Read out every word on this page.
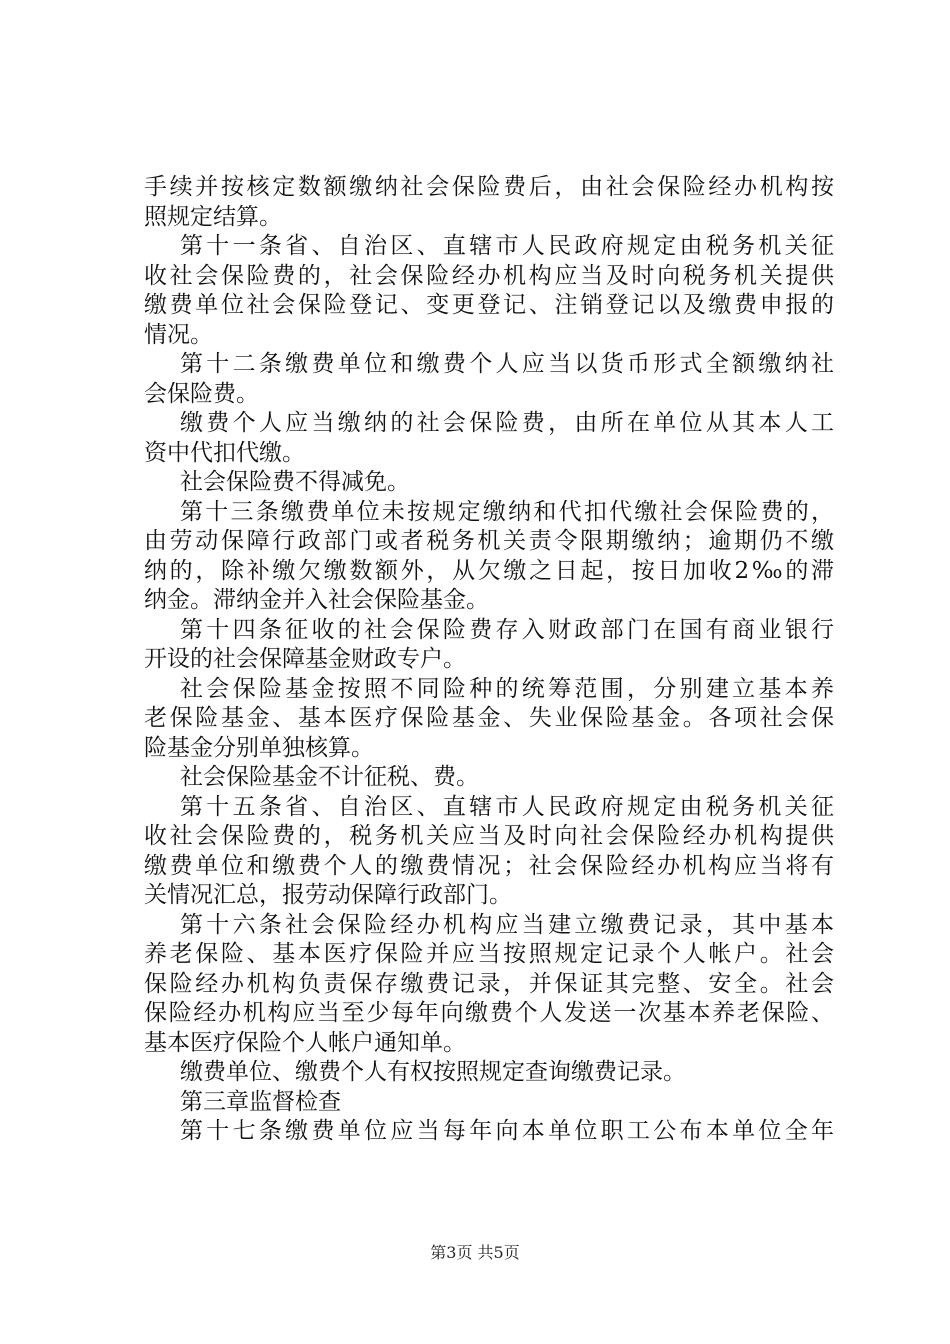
手续并按核定数额缴纳社会保险费后，由社会保险经办机构按
照规定结算。
第十一条省、自治区、直辖市人民政府规定由税务机关征
收社会保险费的，社会保险经办机构应当及时向税务机关提供
缴费单位社会保险登记、变更登记、注销登记以及缴费申报的
情况。
第十二条缴费单位和缴费个人应当以货币形式全额缴纳社
会保险费。
缴费个人应当缴纳的社会保险费，由所在单位从其本人工
资中代扣代缴。
社会保险费不得减免。
第十三条缴费单位未按规定缴纳和代扣代缴社会保险费的，
由劳动保障行政部门或者税务机关责令限期缴纳；逾期仍不缴
纳的，除补缴欠缴数额外，从欠缴之日起，按日加收2‰的滞
纳金。滞纳金并入社会保险基金。
第十四条征收的社会保险费存入财政部门在国有商业银行
开设的社会保障基金财政专户。
社会保险基金按照不同险种的统筹范围，分别建立基本养
老保险基金、基本医疗保险基金、失业保险基金。各项社会保
险基金分别单独核算。
社会保险基金不计征税、费。
第十五条省、自治区、直辖市人民政府规定由税务机关征
收社会保险费的，税务机关应当及时向社会保险经办机构提供
缴费单位和缴费个人的缴费情况；社会保险经办机构应当将有
关情况汇总，报劳动保障行政部门。
第十六条社会保险经办机构应当建立缴费记录，其中基本
养老保险、基本医疗保险并应当按照规定记录个人帐户。社会
保险经办机构负责保存缴费记录，并保证其完整、安全。社会
保险经办机构应当至少每年向缴费个人发送一次基本养老保险、
基本医疗保险个人帐户通知单。
缴费单位、缴费个人有权按照规定查询缴费记录。
第三章监督检查
第十七条缴费单位应当每年向本单位职工公布本单位全年
第3页 共5页
